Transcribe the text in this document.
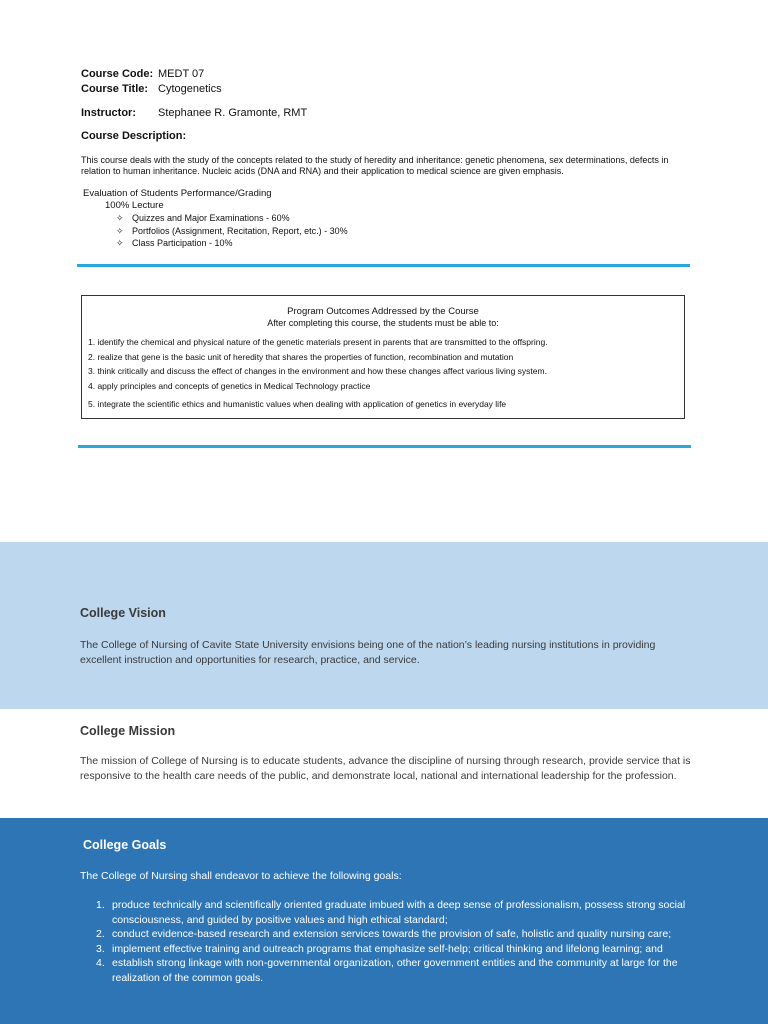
Course Code: MEDT 07
Course Title: Cytogenetics
Instructor: Stephanee R. Gramonte, RMT
Course Description:
This course deals with the study of the concepts related to the study of heredity and inheritance: genetic phenomena, sex determinations, defects in relation to human inheritance. Nucleic acids (DNA and RNA) and their application to medical science are given emphasis.
Evaluation of Students Performance/Grading
100% Lecture
✧ Quizzes and Major Examinations - 60%
✧ Portfolios (Assignment, Recitation, Report, etc.) - 30%
✧ Class Participation - 10%
Program Outcomes Addressed by the Course
After completing this course, the students must be able to:
1. identify the chemical and physical nature of the genetic materials present in parents that are transmitted to the offspring.
2. realize that gene is the basic unit of heredity that shares the properties of function, recombination and mutation
3. think critically and discuss the effect of changes in the environment and how these changes affect various living system.
4. apply principles and concepts of genetics in Medical Technology practice
5. integrate the scientific ethics and humanistic values when dealing with application of genetics in everyday life
College Vision
The College of Nursing of Cavite State University envisions being one of the nation’s leading nursing institutions in providing excellent instruction and opportunities for research, practice, and service.
College Mission
The mission of College of Nursing is to educate students, advance the discipline of nursing through research, provide service that is responsive to the health care needs of the public, and demonstrate local, national and international leadership for the profession.
College Goals
The College of Nursing shall endeavor to achieve the following goals:
1. produce technically and scientifically oriented graduate imbued with a deep sense of professionalism, possess strong social consciousness, and guided by positive values and high ethical standard;
2. conduct evidence-based research and extension services towards the provision of safe, holistic and quality nursing care;
3. implement effective training and outreach programs that emphasize self-help; critical thinking and lifelong learning; and
4. establish strong linkage with non-governmental organization, other government entities and the community at large for the realization of the common goals.
